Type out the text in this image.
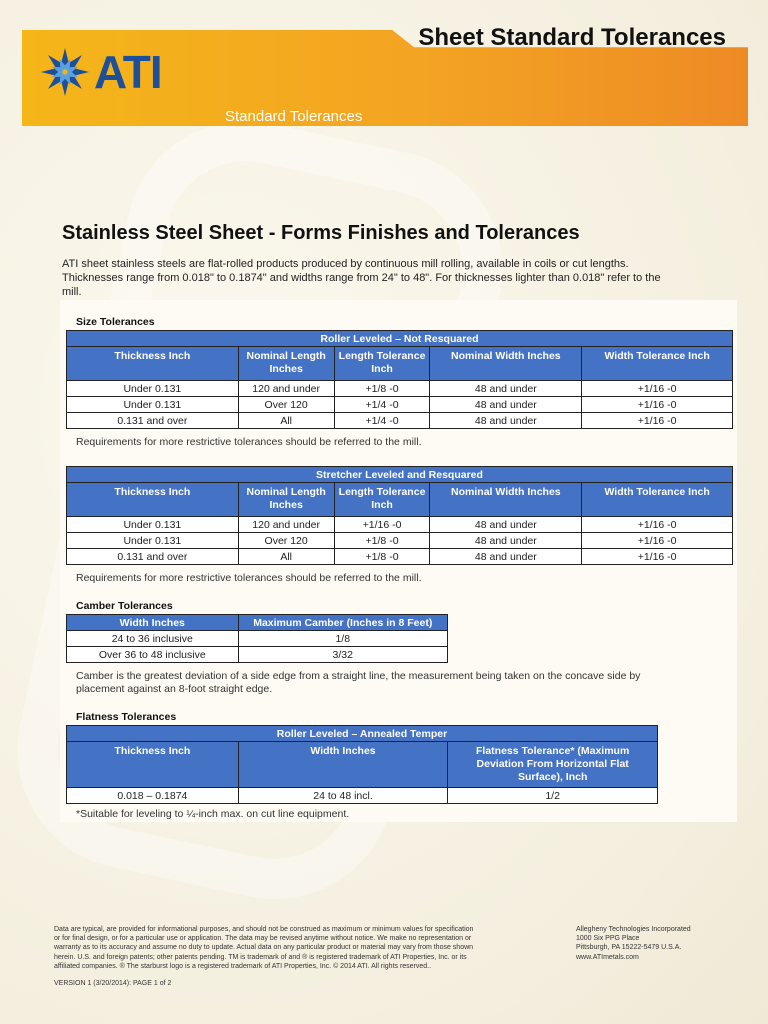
Sheet Standard Tolerances
ATI
Standard Tolerances
Stainless Steel Sheet - Forms Finishes and Tolerances

ATI sheet stainless steels are flat-rolled products produced by continuous mill rolling, available in coils or cut lengths. Thicknesses range from 0.018" to 0.1874" and widths range from 24" to 48". For thicknesses lighter than 0.018" refer to the mill.

Size Tolerances
Roller Leveled – Not Resquared				
Thickness Inch	Nominal Length Inches	Length Tolerance Inch	Nominal Width Inches	Width Tolerance Inch
Under 0.131	120 and under	+1/8 -0	48 and under	+1/16 -0
Under 0.131	Over 120	+1/4 -0	48 and under	+1/16 -0
0.131 and over	All	+1/4 -0	48 and under	+1/16 -0
Requirements for more restrictive tolerances should be referred to the mill.
Stretcher Leveled and Resquared				
Thickness Inch	Nominal Length Inches	Length Tolerance Inch	Nominal Width Inches	Width Tolerance Inch
Under 0.131	120 and under	+1/16 -0	48 and under	+1/16 -0
Under 0.131	Over 120	+1/8 -0	48 and under	+1/16 -0
0.131 and over	All	+1/8 -0	48 and under	+1/16 -0
Requirements for more restrictive tolerances should be referred to the mill.
Camber Tolerances
Width Inches	Maximum Camber (Inches in 8 Feet)
24 to 36 inclusive	1/8
Over 36 to 48 inclusive	3/32
Camber is the greatest deviation of a side edge from a straight line, the measurement being taken on the concave side by placement against an 8-foot straight edge.
Flatness Tolerances
Roller Leveled – Annealed Temper		
Thickness Inch	Width Inches	Flatness Tolerance* (Maximum Deviation From Horizontal Flat Surface), Inch
0.018 – 0.1874	24 to 48 incl.	1/2
*Suitable for leveling to ¼-inch max. on cut line equipment.
Data are typical, are provided for informational purposes, and should not be construed as maximum or minimum values for specification
or for final design, or for a particular use or application. The data may be revised anytime without notice. We make no representation or
warranty as to its accuracy and assume no duty to update. Actual data on any particular product or material may vary from those shown
herein. U.S. and foreign patents; other patents pending. TM is trademark of and ® is registered trademark of ATI Properties, Inc. or its
affiliated companies. ® The starburst logo is a registered trademark of ATI Properties, Inc. © 2014 ATI. All rights reserved..
Allegheny Technologies Incorporated
1000 Six PPG Place
Pittsburgh, PA 15222-5479 U.S.A.
www.ATImetals.com
VERSION 1 (3/20/2014): PAGE 1 of 2
